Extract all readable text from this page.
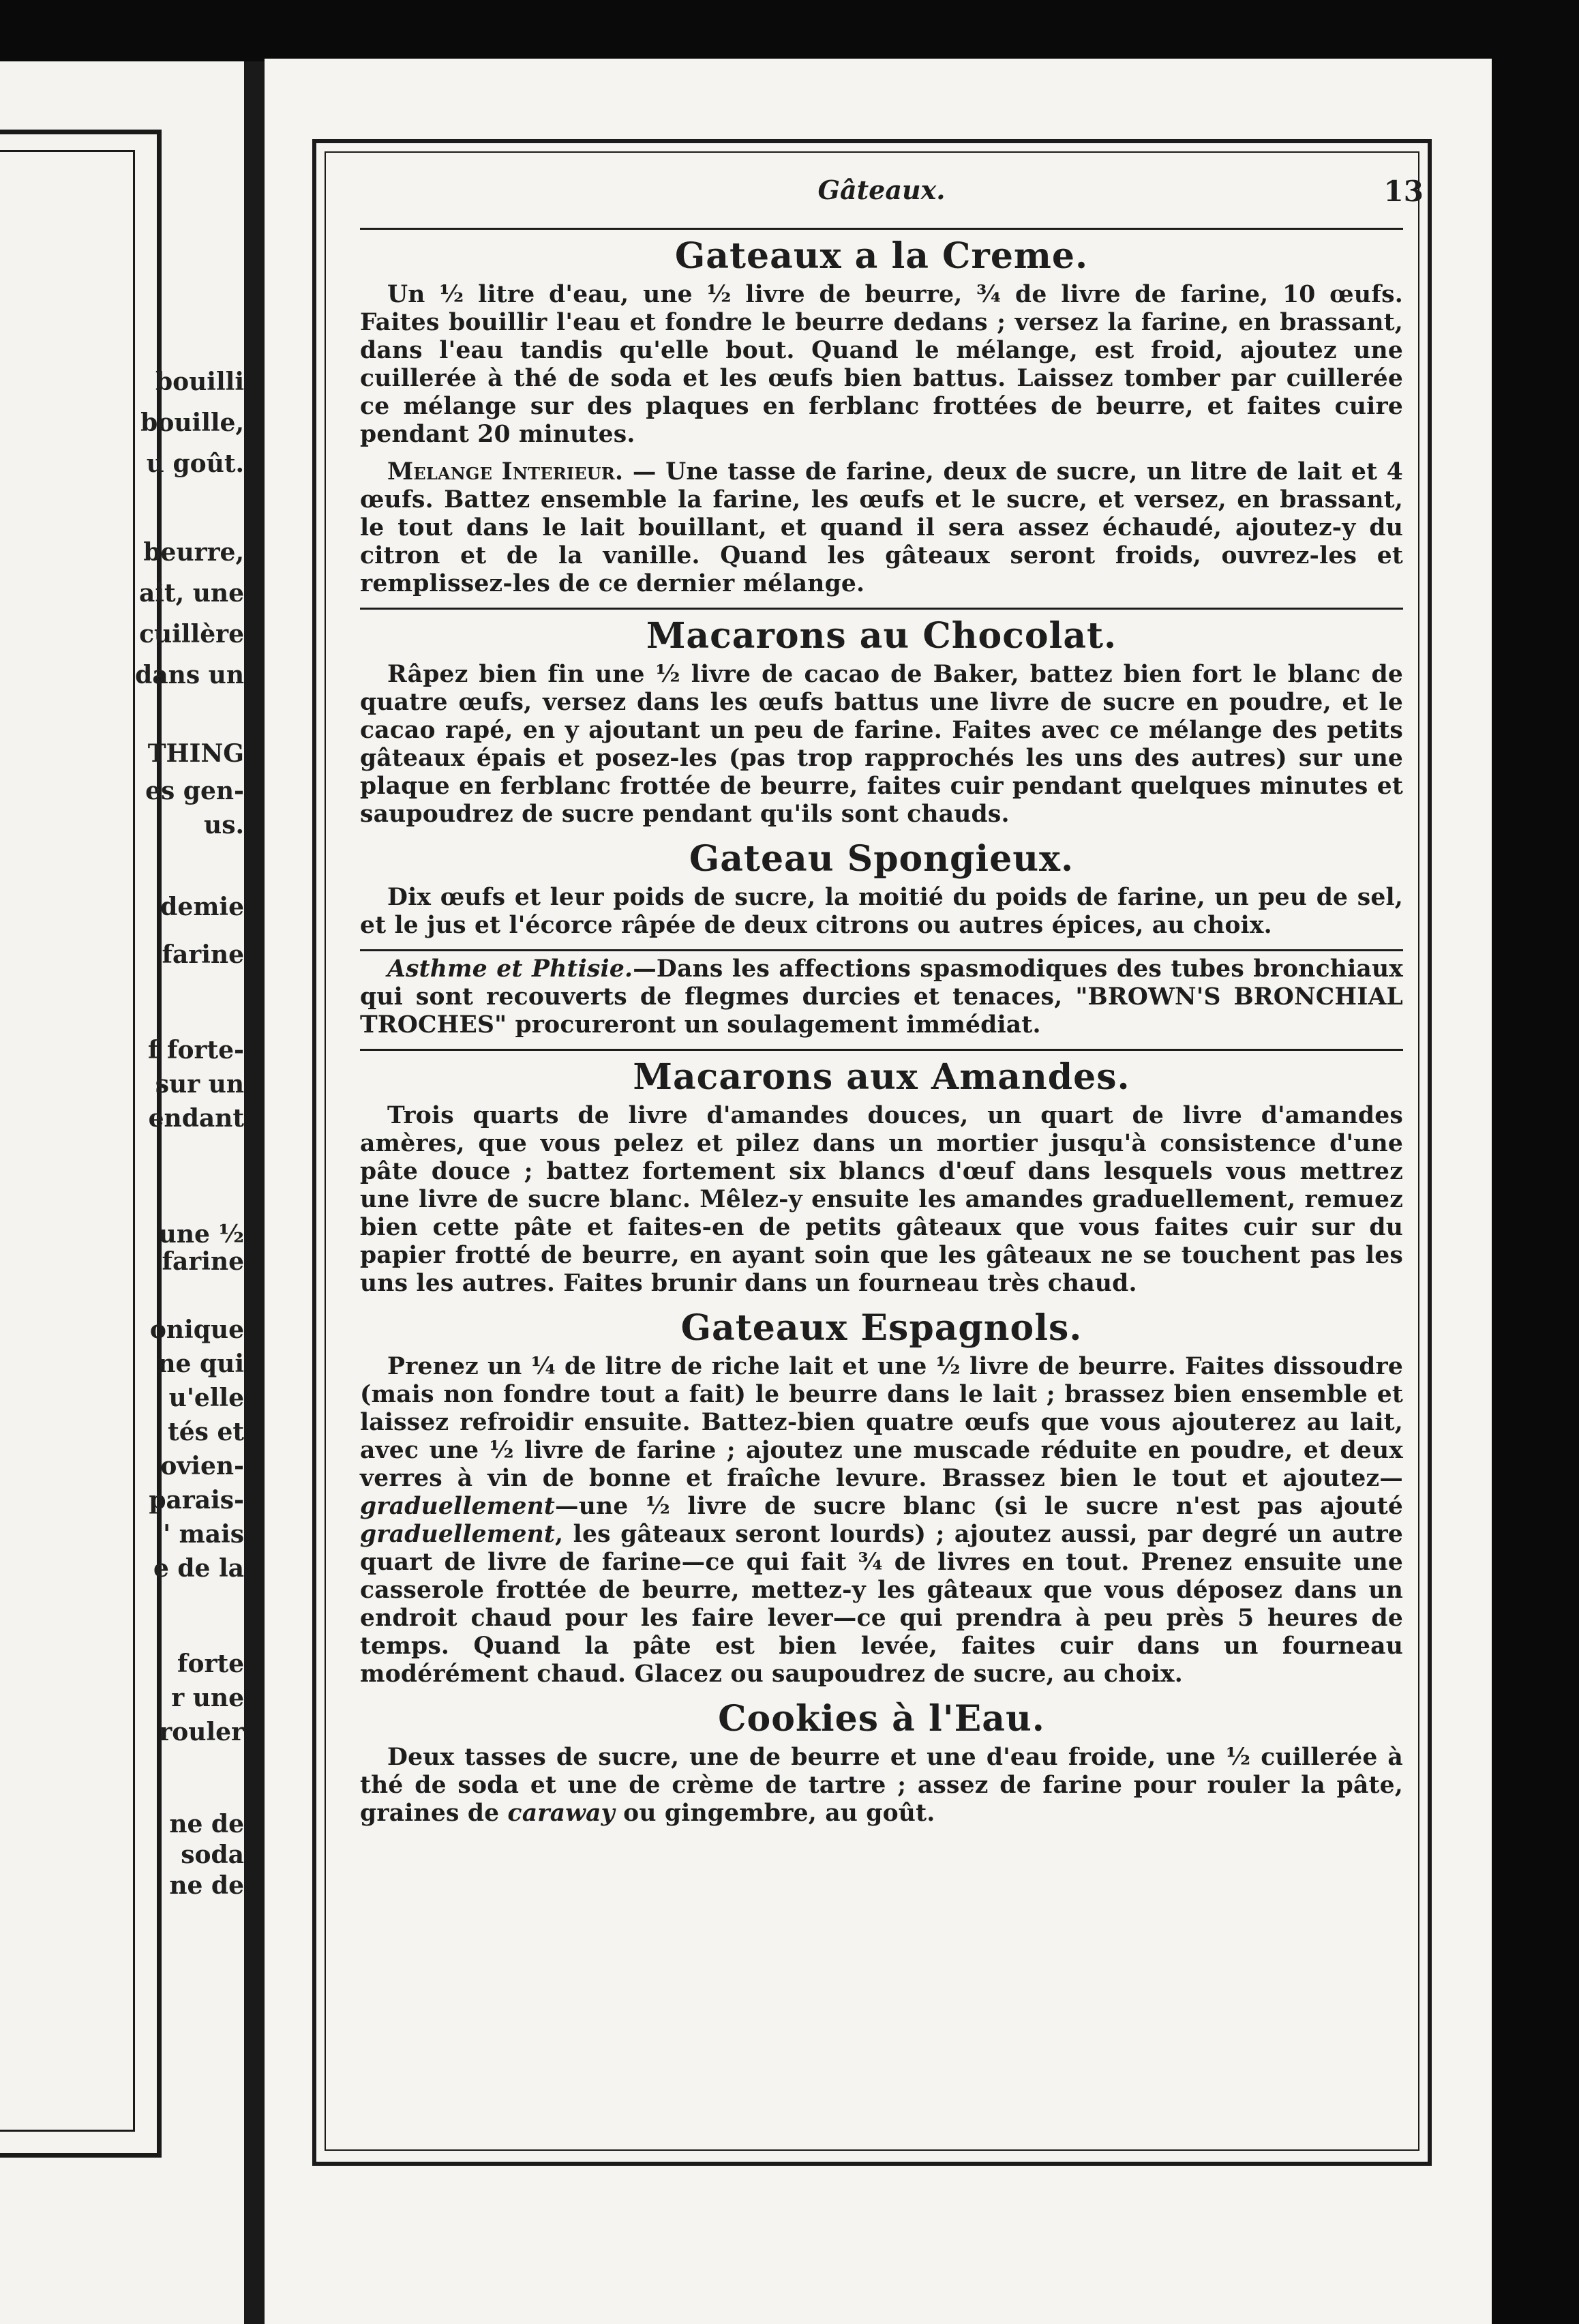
bouilli
bouille,
u goût.
beurre,
ait, une
cuillère
dans un
THING
es gen-
us.
demie
farine
f forte-
sur un
endant
une ½
farine
onique
ne qui
u'elle
tés et
ovien-
parais-
' mais
e de la
forte
r une
rouler
ne de
soda
ne de
Gâteaux.	13
Gateaux a la Creme.

Un ½ litre d'eau, une ½ livre de beurre, ¾ de livre de farine, 10 œufs. Faites bouillir l'eau et fondre le beurre dedans ; versez la farine, en brassant, dans l'eau tandis qu'elle bout. Quand le mélange, est froid, ajoutez une cuillerée à thé de soda et les œufs bien battus. Laissez tomber par cuillerée ce mélange sur des plaques en ferblanc frottées de beurre, et faites cuire pendant 20 minutes.

Melange Interieur. — Une tasse de farine, deux de sucre, un litre de lait et 4 œufs. Battez ensemble la farine, les œufs et le sucre, et versez, en brassant, le tout dans le lait bouillant, et quand il sera assez échaudé, ajoutez-y du citron et de la vanille. Quand les gâteaux seront froids, ouvrez-les et remplissez-les de ce dernier mélange.

Macarons au Chocolat.

Râpez bien fin une ½ livre de cacao de Baker, battez bien fort le blanc de quatre œufs, versez dans les œufs battus une livre de sucre en poudre, et le cacao rapé, en y ajoutant un peu de farine. Faites avec ce mélange des petits gâteaux épais et posez-les (pas trop rapprochés les uns des autres) sur une plaque en ferblanc frottée de beurre, faites cuir pendant quelques minutes et saupoudrez de sucre pendant qu'ils sont chauds.

Gateau Spongieux.

Dix œufs et leur poids de sucre, la moitié du poids de farine, un peu de sel, et le jus et l'écorce râpée de deux citrons ou autres épices, au choix.

Asthme et Phtisie.—Dans les affections spasmodiques des tubes bronchiaux qui sont recouverts de flegmes durcies et tenaces, "BROWN'S BRONCHIAL TROCHES" procureront un soulagement immédiat.

Macarons aux Amandes.

Trois quarts de livre d'amandes douces, un quart de livre d'amandes amères, que vous pelez et pilez dans un mortier jusqu'à consistence d'une pâte douce ; battez fortement six blancs d'œuf dans lesquels vous mettrez une livre de sucre blanc. Mêlez-y ensuite les amandes graduellement, remuez bien cette pâte et faites-en de petits gâteaux que vous faites cuir sur du papier frotté de beurre, en ayant soin que les gâteaux ne se touchent pas les uns les autres. Faites brunir dans un fourneau très chaud.

Gateaux Espagnols.

Prenez un ¼ de litre de riche lait et une ½ livre de beurre. Faites dissoudre (mais non fondre tout a fait) le beurre dans le lait ; brassez bien ensemble et laissez refroidir ensuite. Battez-bien quatre œufs que vous ajouterez au lait, avec une ½ livre de farine ; ajoutez une muscade réduite en poudre, et deux verres à vin de bonne et fraîche levure. Brassez bien le tout et ajoutez—graduellement—une ½ livre de sucre blanc (si le sucre n'est pas ajouté graduellement, les gâteaux seront lourds) ; ajoutez aussi, par degré un autre quart de livre de farine—ce qui fait ¾ de livres en tout. Prenez ensuite une casserole frottée de beurre, mettez-y les gâteaux que vous déposez dans un endroit chaud pour les faire lever—ce qui prendra à peu près 5 heures de temps. Quand la pâte est bien levée, faites cuir dans un fourneau modérément chaud. Glacez ou saupoudrez de sucre, au choix.

Cookies à l'Eau.

Deux tasses de sucre, une de beurre et une d'eau froide, une ½ cuillerée à thé de soda et une de crème de tartre ; assez de farine pour rouler la pâte, graines de caraway ou gingembre, au goût.
